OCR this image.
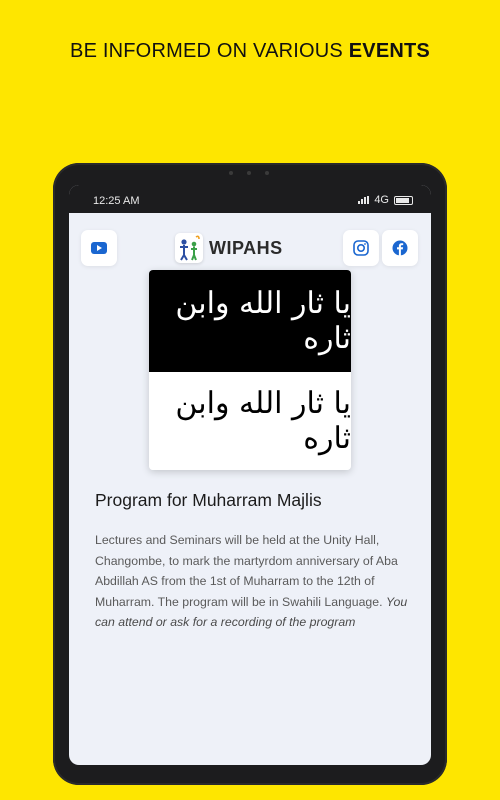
BE INFORMED ON VARIOUS EVENTS
12:25 AM	4G
WIPAHS
يا ثار الله وابن ثاره
يا ثار الله وابن ثاره
Program for Muharram Majlis
Lectures and Seminars will be held at the Unity Hall, Changombe, to mark the martyrdom anniversary of Aba Abdillah AS from the 1st of Muharram to the 12th of Muharram. The program will be in Swahili Language. You can attend or ask for a recording of the program
